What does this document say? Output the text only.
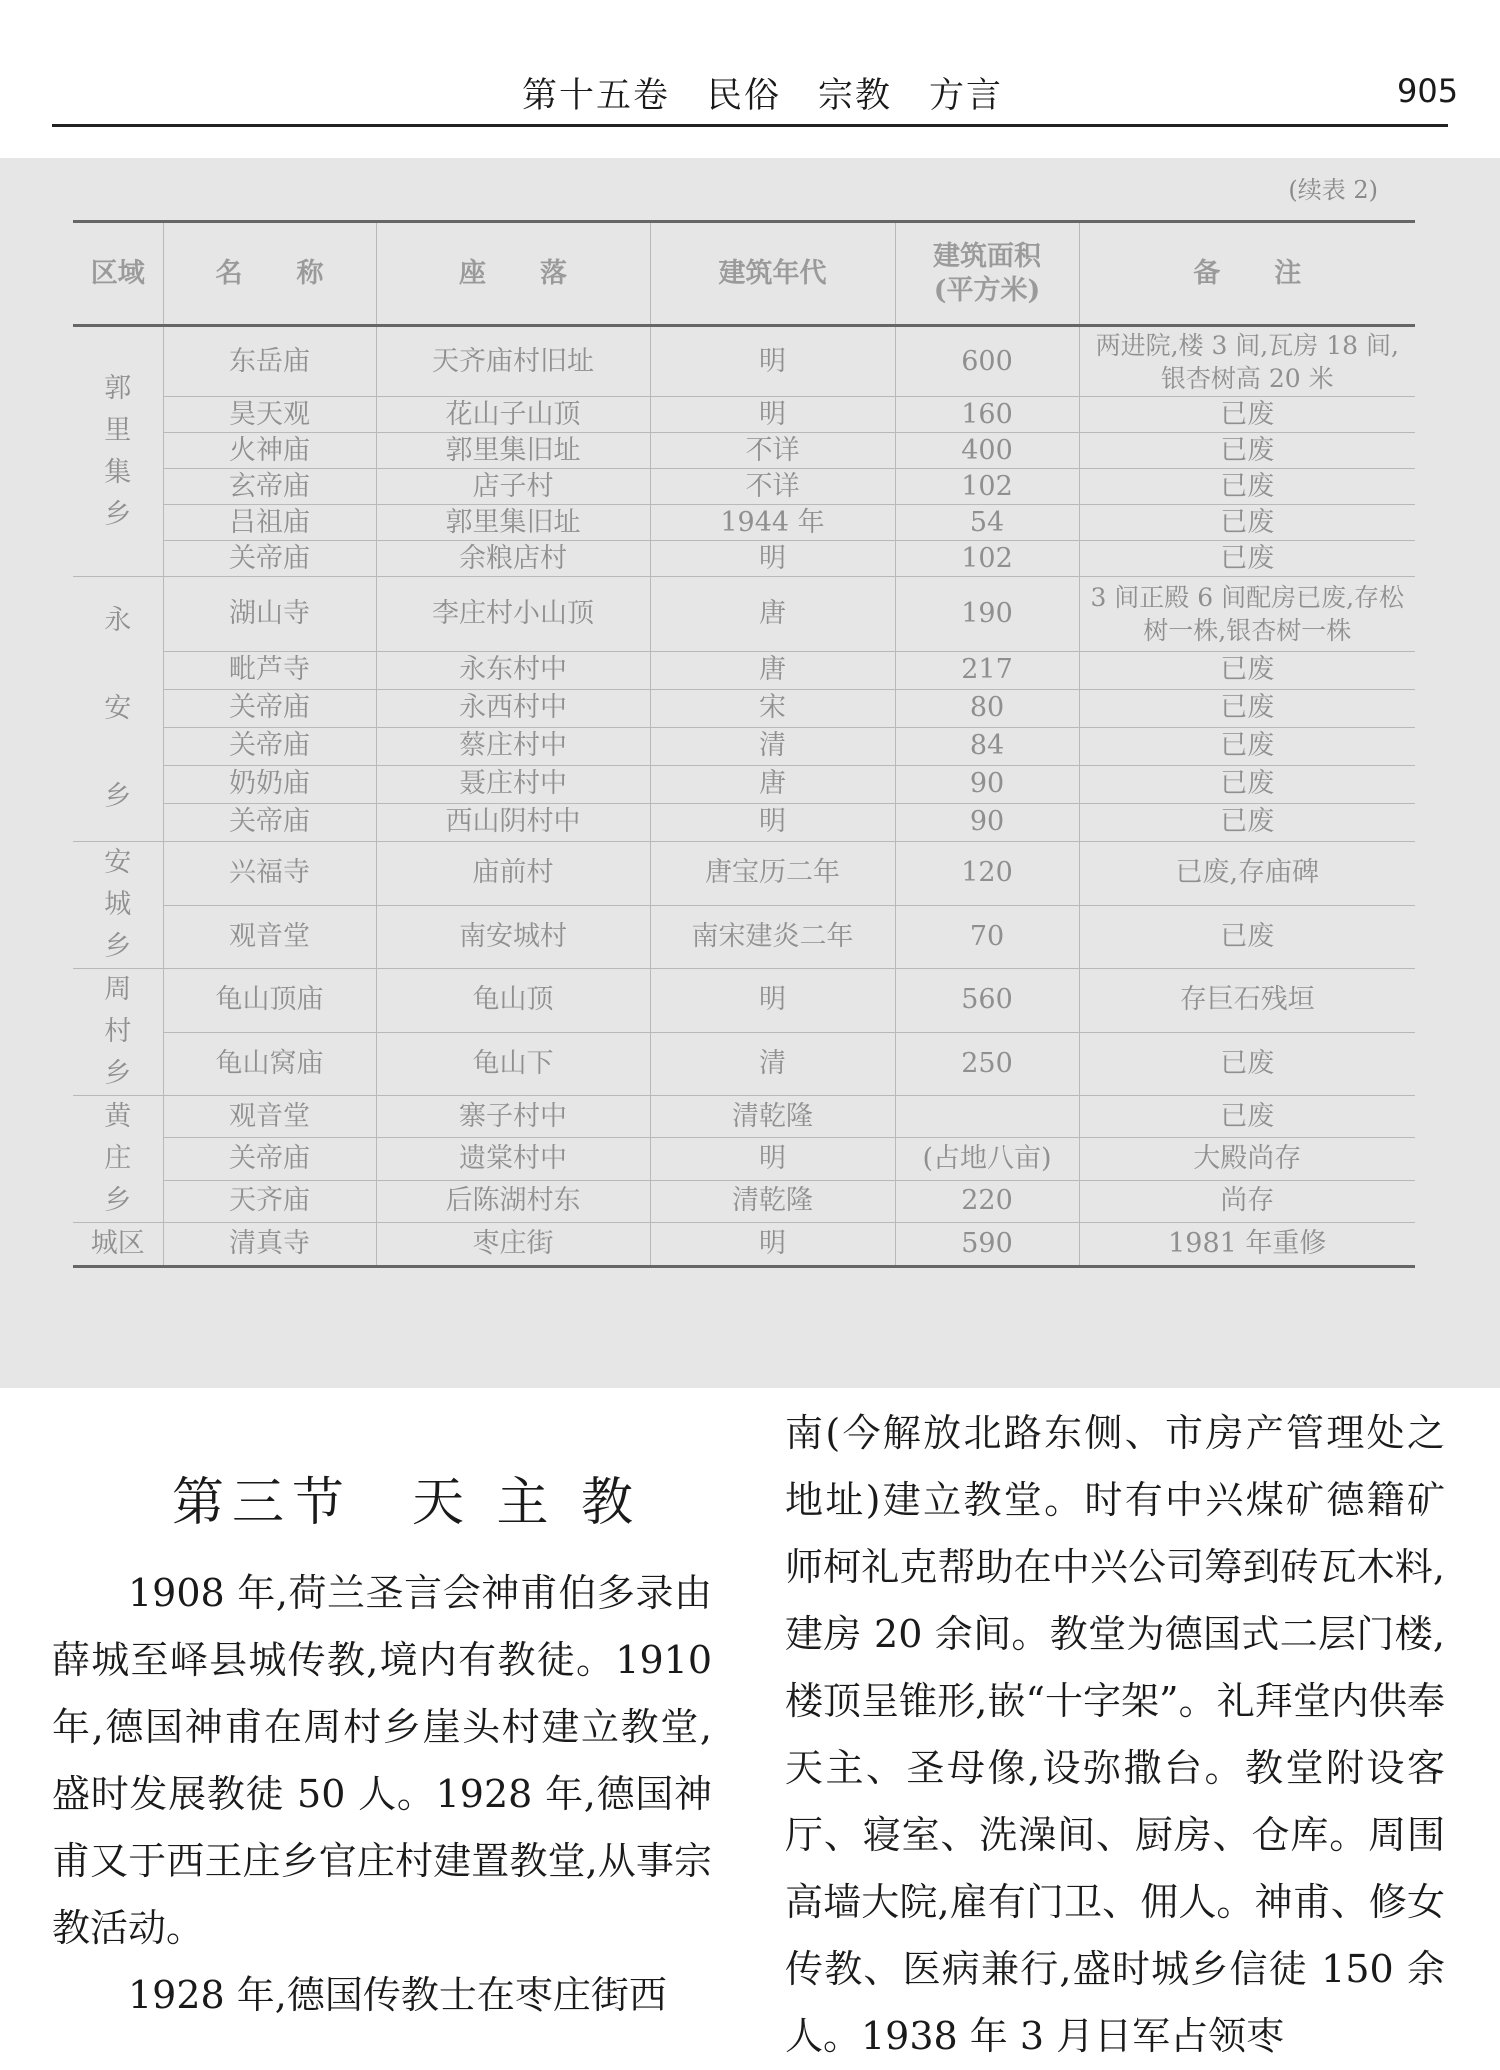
第十五卷　民俗　宗教　方言	905
(续表 2)
区域	名　　称	座　　落	建筑年代	建筑面积
(平方米)	备　　注
郭里集乡	东岳庙	天齐庙村旧址	明	600	两进院,楼 3 间,瓦房 18 间,银杏树高 20 米
	昊天观	花山子山顶	明	160	已废
	火神庙	郭里集旧址	不详	400	已废
	玄帝庙	店子村	不详	102	已废
	吕祖庙	郭里集旧址	1944 年	54	已废
	关帝庙	余粮店村	明	102	已废
永安乡	湖山寺	李庄村小山顶	唐	190	3 间正殿 6 间配房已废,存松树一株,银杏树一株
	毗芦寺	永东村中	唐	217	已废
	关帝庙	永西村中	宋	80	已废
	关帝庙	蔡庄村中	清	84	已废
	奶奶庙	聂庄村中	唐	90	已废
	关帝庙	西山阴村中	明	90	已废
安城乡	兴福寺	庙前村	唐宝历二年	120	已废,存庙碑
	观音堂	南安城村	南宋建炎二年	70	已废
周村乡	龟山顶庙	龟山顶	明	560	存巨石残垣
	龟山窝庙	龟山下	清	250	已废
黄庄乡	观音堂	寨子村中	清乾隆		已废
	关帝庙	遗棠村中	明	(占地八亩)	大殿尚存
	天齐庙	后陈湖村东	清乾隆	220	尚存
城区	清真寺	枣庄街	明	590	1981 年重修
第三节　天 主 教

1908 年,荷兰圣言会神甫伯多录由薛城至峄县城传教,境内有教徒。1910 年,德国神甫在周村乡崖头村建立教堂,盛时发展教徒 50 人。1928 年,德国神甫又于西王庄乡官庄村建置教堂,从事宗教活动。

1928 年,德国传教士在枣庄街西

南(今解放北路东侧、市房产管理处之地址)建立教堂。时有中兴煤矿德籍矿师柯礼克帮助在中兴公司筹到砖瓦木料,建房 20 余间。教堂为德国式二层门楼,楼顶呈锥形,嵌“十字架”。礼拜堂内供奉天主、圣母像,设弥撒台。教堂附设客厅、寝室、洗澡间、厨房、仓库。周围高墙大院,雇有门卫、佣人。神甫、修女传教、医病兼行,盛时城乡信徒 150 余人。1938 年 3 月日军占领枣
